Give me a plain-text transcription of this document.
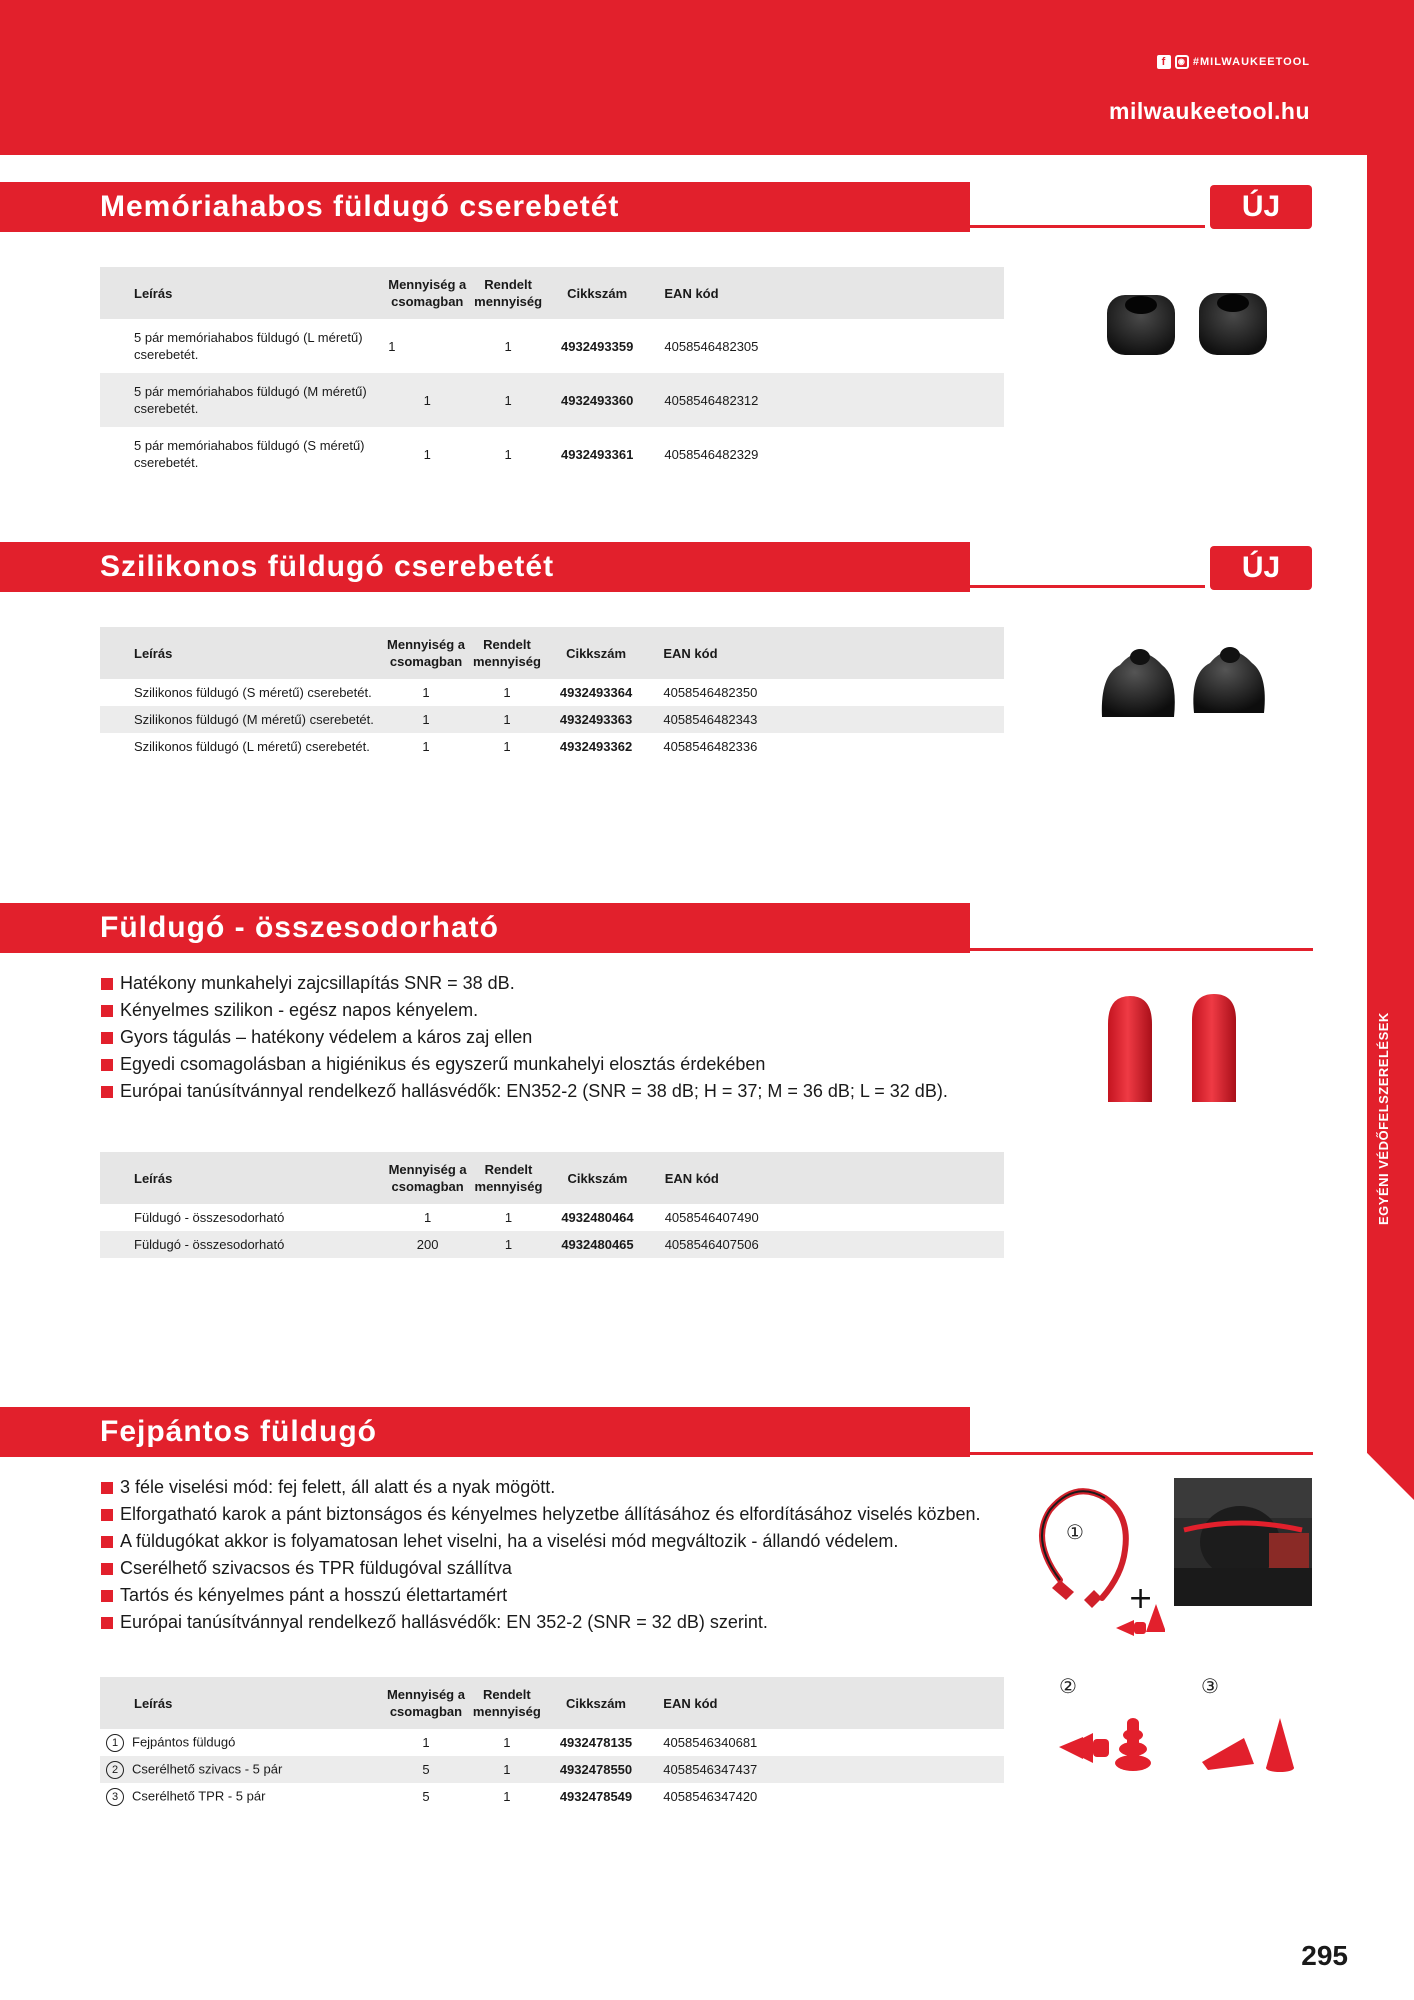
f	◉ #MILWAUKEETOOL
milwaukeetool.hu
EGYÉNI VÉDŐFELSZERELÉSEK
Memóriahabos füldugó cserebetét	ÚJ
Leírás	Mennyiség a
csomagban	Rendelt
mennyiség	Cikkszám	EAN kód
5 pár memóriahabos füldugó (L méretű)
cserebetét.	1	1	4932493359	4058546482305
5 pár memóriahabos füldugó (M méretű)
cserebetét.	1	1	4932493360	4058546482312
5 pár memóriahabos füldugó (S méretű)
cserebetét.	1	1	4932493361	4058546482329
Szilikonos füldugó cserebetét	ÚJ
Leírás	Mennyiség a
csomagban	Rendelt
mennyiség	Cikkszám	EAN kód
Szilikonos füldugó (S méretű) cserebetét.	1	1	4932493364	4058546482350
Szilikonos füldugó (M méretű) cserebetét.	1	1	4932493363	4058546482343
Szilikonos füldugó (L méretű) cserebetét.	1	1	4932493362	4058546482336
Füldugó - összesodorható
Hatékony munkahelyi zajcsillapítás SNR = 38 dB.
Kényelmes szilikon - egész napos kényelem.
Gyors tágulás – hatékony védelem a káros zaj ellen
Egyedi csomagolásban a higiénikus és egyszerű munkahelyi elosztás érdekében
Európai tanúsítvánnyal rendelkező hallásvédők: EN352-2 (SNR = 38 dB; H = 37; M = 36 dB; L = 32 dB).
Leírás	Mennyiség a
csomagban	Rendelt
mennyiség	Cikkszám	EAN kód
Füldugó - összesodorható	1	1	4932480464	4058546407490
Füldugó - összesodorható	200	1	4932480465	4058546407506
Fejpántos füldugó
3 féle viselési mód: fej felett, áll alatt és a nyak mögött.
Elforgatható karok a pánt biztonságos és kényelmes helyzetbe állításához és elfordításához viselés közben.
A füldugókat akkor is folyamatosan lehet viselni, ha a viselési mód megváltozik - állandó védelem.
Cserélhető szivacsos és TPR füldugóval szállítva
Tartós és kényelmes pánt a hosszú élettartamért
Európai tanúsítvánnyal rendelkező hallásvédők: EN 352-2 (SNR = 32 dB) szerint.
+
①
②	③
Leírás	Mennyiség a
csomagban	Rendelt
mennyiség	Cikkszám	EAN kód
1 Fejpántos füldugó	1	1	4932478135	4058546340681
2 Cserélhető szivacs - 5 pár	5	1	4932478550	4058546347437
3 Cserélhető TPR - 5 pár	5	1	4932478549	4058546347420
295
